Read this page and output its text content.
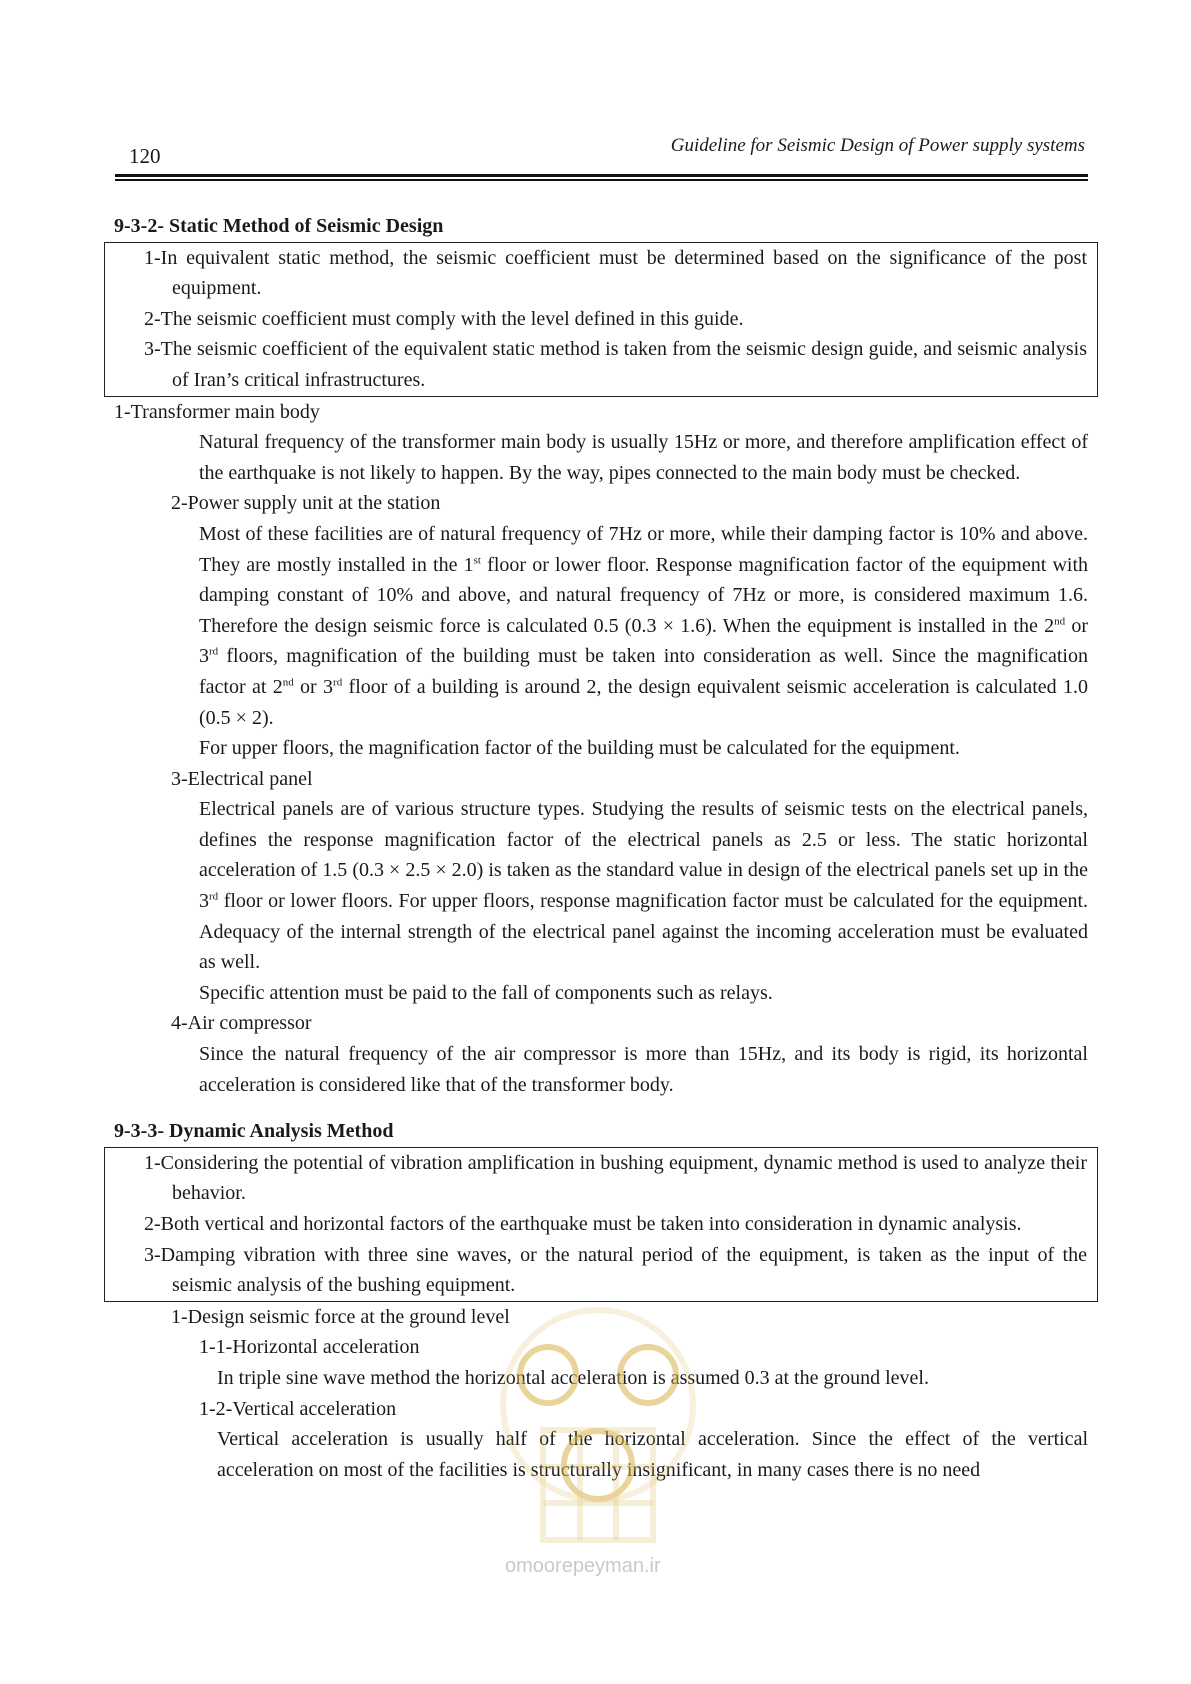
120	Guideline for Seismic Design of Power supply systems

9-3-2- Static Method of Seismic Design

1-In equivalent static method, the seismic coefficient must be determined based on the significance of the post equipment.

2-The seismic coefficient must comply with the level defined in this guide.

3-The seismic coefficient of the equivalent static method is taken from the seismic design guide, and seismic analysis of Iran’s critical infrastructures.

1-Transformer main body

Natural frequency of the transformer main body is usually 15Hz or more, and therefore amplification effect of the earthquake is not likely to happen. By the way, pipes connected to the main body must be checked.

2-Power supply unit at the station

Most of these facilities are of natural frequency of 7Hz or more, while their damping factor is 10% and above. They are mostly installed in the 1st floor or lower floor. Response magnification factor of the equipment with damping constant of 10% and above, and natural frequency of 7Hz or more, is considered maximum 1.6. Therefore the design seismic force is calculated 0.5 (0.3 × 1.6). When the equipment is installed in the 2nd or 3rd floors, magnification of the building must be taken into consideration as well. Since the magnification factor at 2nd or 3rd floor of a building is around 2, the design equivalent seismic acceleration is calculated 1.0 (0.5 × 2).

For upper floors, the magnification factor of the building must be calculated for the equipment.

3-Electrical panel

Electrical panels are of various structure types. Studying the results of seismic tests on the electrical panels, defines the response magnification factor of the electrical panels as 2.5 or less. The static horizontal acceleration of 1.5 (0.3 × 2.5 × 2.0) is taken as the standard value in design of the electrical panels set up in the 3rd floor or lower floors. For upper floors, response magnification factor must be calculated for the equipment. Adequacy of the internal strength of the electrical panel against the incoming acceleration must be evaluated as well.

Specific attention must be paid to the fall of components such as relays.

4-Air compressor

Since the natural frequency of the air compressor is more than 15Hz, and its body is rigid, its horizontal acceleration is considered like that of the transformer body.

9-3-3- Dynamic Analysis Method

1-Considering the potential of vibration amplification in bushing equipment, dynamic method is used to analyze their behavior.

2-Both vertical and horizontal factors of the earthquake must be taken into consideration in dynamic analysis.

3-Damping vibration with three sine waves, or the natural period of the equipment, is taken as the input of the seismic analysis of the bushing equipment.

1-Design seismic force at the ground level

1-1-Horizontal acceleration

In triple sine wave method the horizontal acceleration is assumed 0.3 at the ground level.

1-2-Vertical acceleration

Vertical acceleration is usually half of the horizontal acceleration. Since the effect of the vertical acceleration on most of the facilities is structurally insignificant, in many cases there is no need

omoorepeyman.ir
